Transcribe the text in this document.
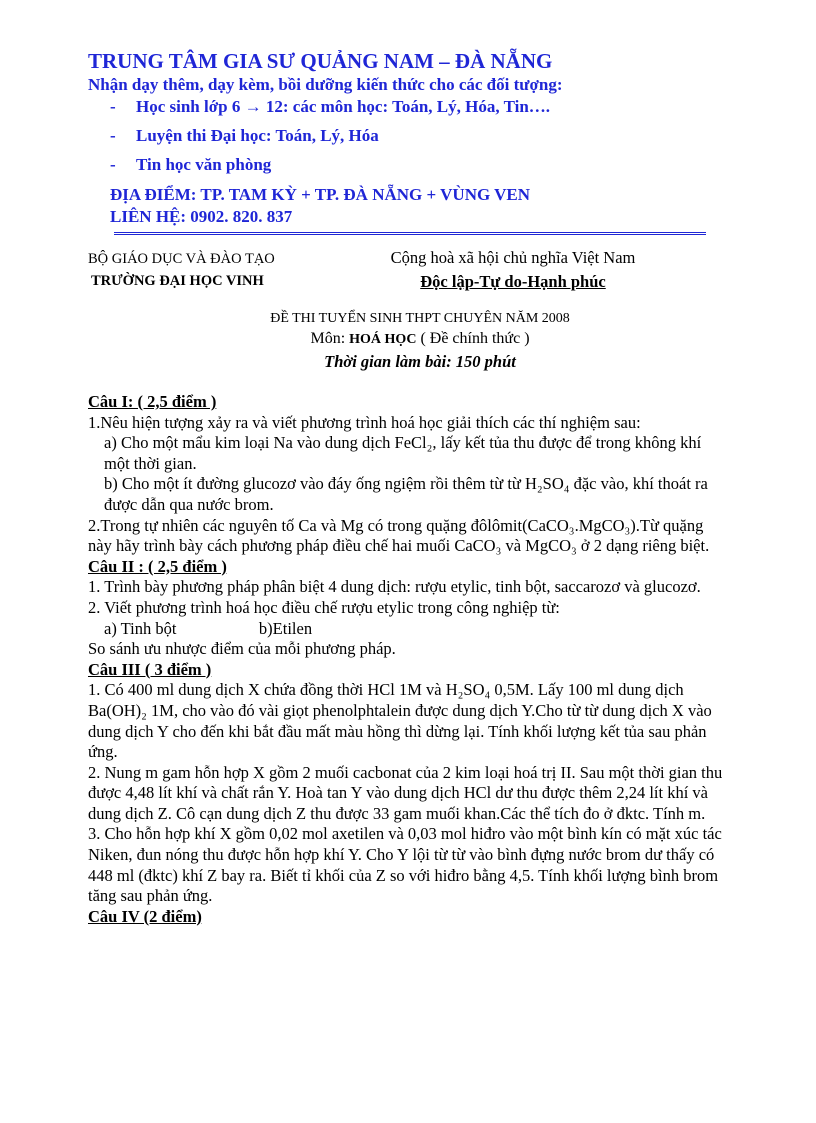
TRUNG TÂM GIA SƯ QUẢNG NAM – ĐÀ NẴNG
Nhận dạy thêm, dạy kèm, bồi dưỡng kiến thức cho các đối tượng:
-	Học sinh lớp 6 → 12: các môn học: Toán, Lý, Hóa, Tin….
-	Luyện thi Đại học: Toán, Lý, Hóa
-	Tin học văn phòng
ĐỊA ĐIỂM: TP. TAM KỲ + TP. ĐÀ NẴNG + VÙNG VEN
LIÊN HỆ: 0902. 820. 837
BỘ GIÁO DỤC VÀ ĐÀO TẠO
TRƯỜNG ĐẠI HỌC VINH
Cộng hoà xã hội chủ nghĩa Việt Nam
Độc lập-Tự do-Hạnh phúc
ĐỀ THI TUYỂN SINH THPT CHUYÊN NĂM 2008
Môn: HOÁ HỌC ( Đề chính thức )
Thời gian làm bài: 150 phút

Câu I: ( 2,5 điểm )

1.Nêu hiện tượng xảy ra và viết phương trình hoá học giải thích các thí nghiệm sau:

a) Cho một mẩu kim loại Na vào dung dịch FeCl₂, lấy kết tủa thu được để trong không khí một thời gian.

b) Cho một ít đường glucozơ vào đáy ống ngiệm rồi thêm từ từ H₂SO₄ đặc vào, khí thoát ra được dẫn qua nước brom.

2.Trong tự nhiên các nguyên tố Ca và Mg có trong quặng đôlômit(CaCO₃.MgCO₃).Từ quặng này hãy trình bày cách phương pháp điều chế hai muối CaCO₃ và MgCO₃ ở 2 dạng riêng biệt.

Câu II : ( 2,5 điểm )

1. Trình bày phương pháp phân biệt 4 dung dịch: rượu etylic, tinh bột, saccarozơ và glucozơ.

2. Viết phương trình hoá học điều chế rượu etylic trong công nghiệp từ:

a) Tinh bột                    b)Etilen

So sánh ưu nhược điểm của mỗi phương pháp.

Câu III ( 3 điểm )

1. Có 400 ml dung dịch X chứa đồng thời HCl 1M và H₂SO₄ 0,5M. Lấy 100 ml dung dịch Ba(OH)₂ 1M, cho vào đó vài giọt phenolphtalein được dung dịch Y.Cho từ từ dung dịch X vào dung dịch Y cho đến khi bắt đầu mất màu hồng thì dừng lại. Tính khối lượng kết tủa sau phản ứng.

2. Nung m gam hỗn hợp X gồm 2 muối cacbonat của 2 kim loại hoá trị II. Sau một thời gian thu được 4,48 lít khí và chất rắn Y. Hoà tan Y vào dung dịch HCl dư thu được thêm 2,24 lít khí và dung dịch Z. Cô cạn dung dịch Z thu được 33 gam muối khan.Các thể tích đo ở đktc. Tính m.

3. Cho hỗn hợp khí X gồm 0,02 mol axetilen và 0,03 mol hiđro vào một bình kín có mặt xúc tác Niken, đun nóng thu được hỗn hợp khí Y. Cho Y lội từ từ vào bình đựng nước brom dư thấy có 448 ml (đktc) khí Z bay ra. Biết tỉ khối của Z so với hiđro bằng 4,5. Tính khối lượng bình brom tăng sau phản ứng.

Câu IV (2 điểm)
